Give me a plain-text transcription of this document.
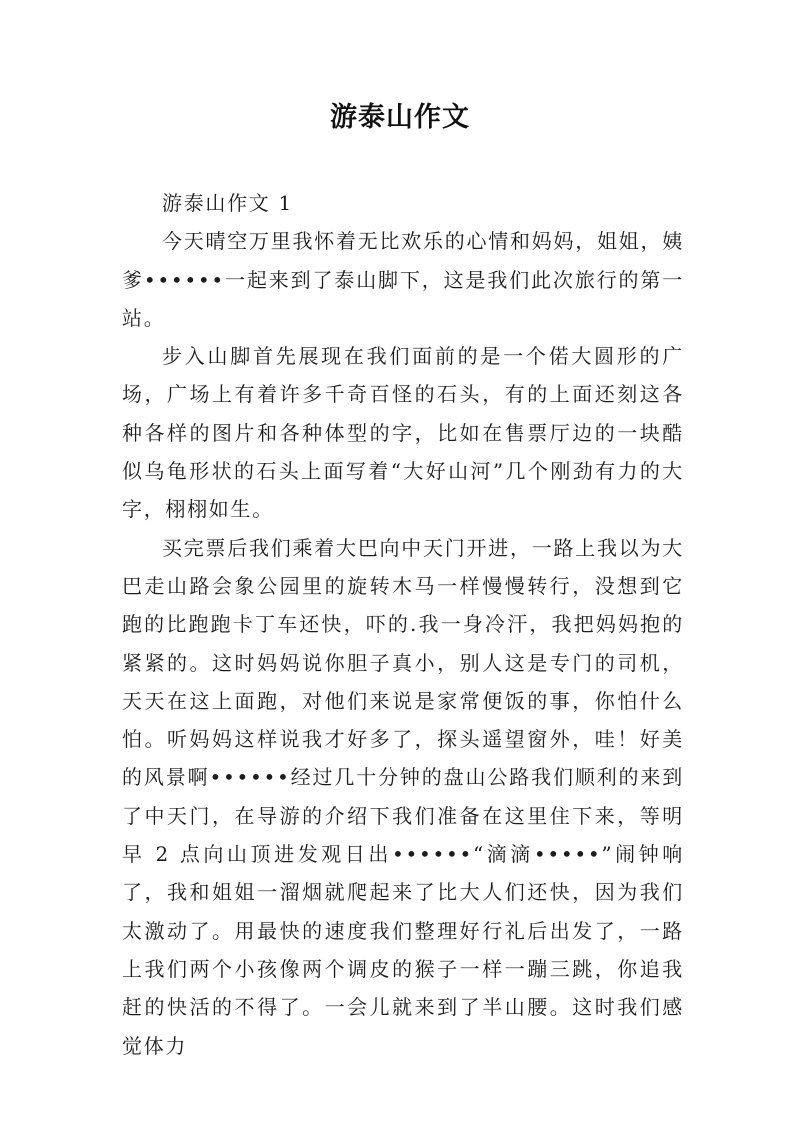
游泰山作文

游泰山作文 1

今天晴空万里我怀着无比欢乐的心情和妈妈，姐姐，姨爹••••••一起来到了泰山脚下，这是我们此次旅行的第一站。

步入山脚首先展现在我们面前的是一个偌大圆形的广场，广场上有着许多千奇百怪的石头，有的上面还刻这各种各样的图片和各种体型的字，比如在售票厅边的一块酷似乌龟形状的石头上面写着“大好山河”几个刚劲有力的大字，栩栩如生。

买完票后我们乘着大巴向中天门开进，一路上我以为大巴走山路会象公园里的旋转木马一样慢慢转行，没想到它跑的比跑跑卡丁车还快，吓的.我一身冷汗，我把妈妈抱的紧紧的。这时妈妈说你胆子真小，别人这是专门的司机，天天在这上面跑，对他们来说是家常便饭的事，你怕什么怕。听妈妈这样说我才好多了，探头遥望窗外，哇！好美的风景啊••••••经过几十分钟的盘山公路我们顺利的来到了中天门，在导游的介绍下我们准备在这里住下来，等明早 2 点向山顶进发观日出••••••“滴滴•••••”闹钟响了，我和姐姐一溜烟就爬起来了比大人们还快，因为我们太激动了。用最快的速度我们整理好行礼后出发了，一路上我们两个小孩像两个调皮的猴子一样一蹦三跳，你追我赶的快活的不得了。一会儿就来到了半山腰。这时我们感觉体力
